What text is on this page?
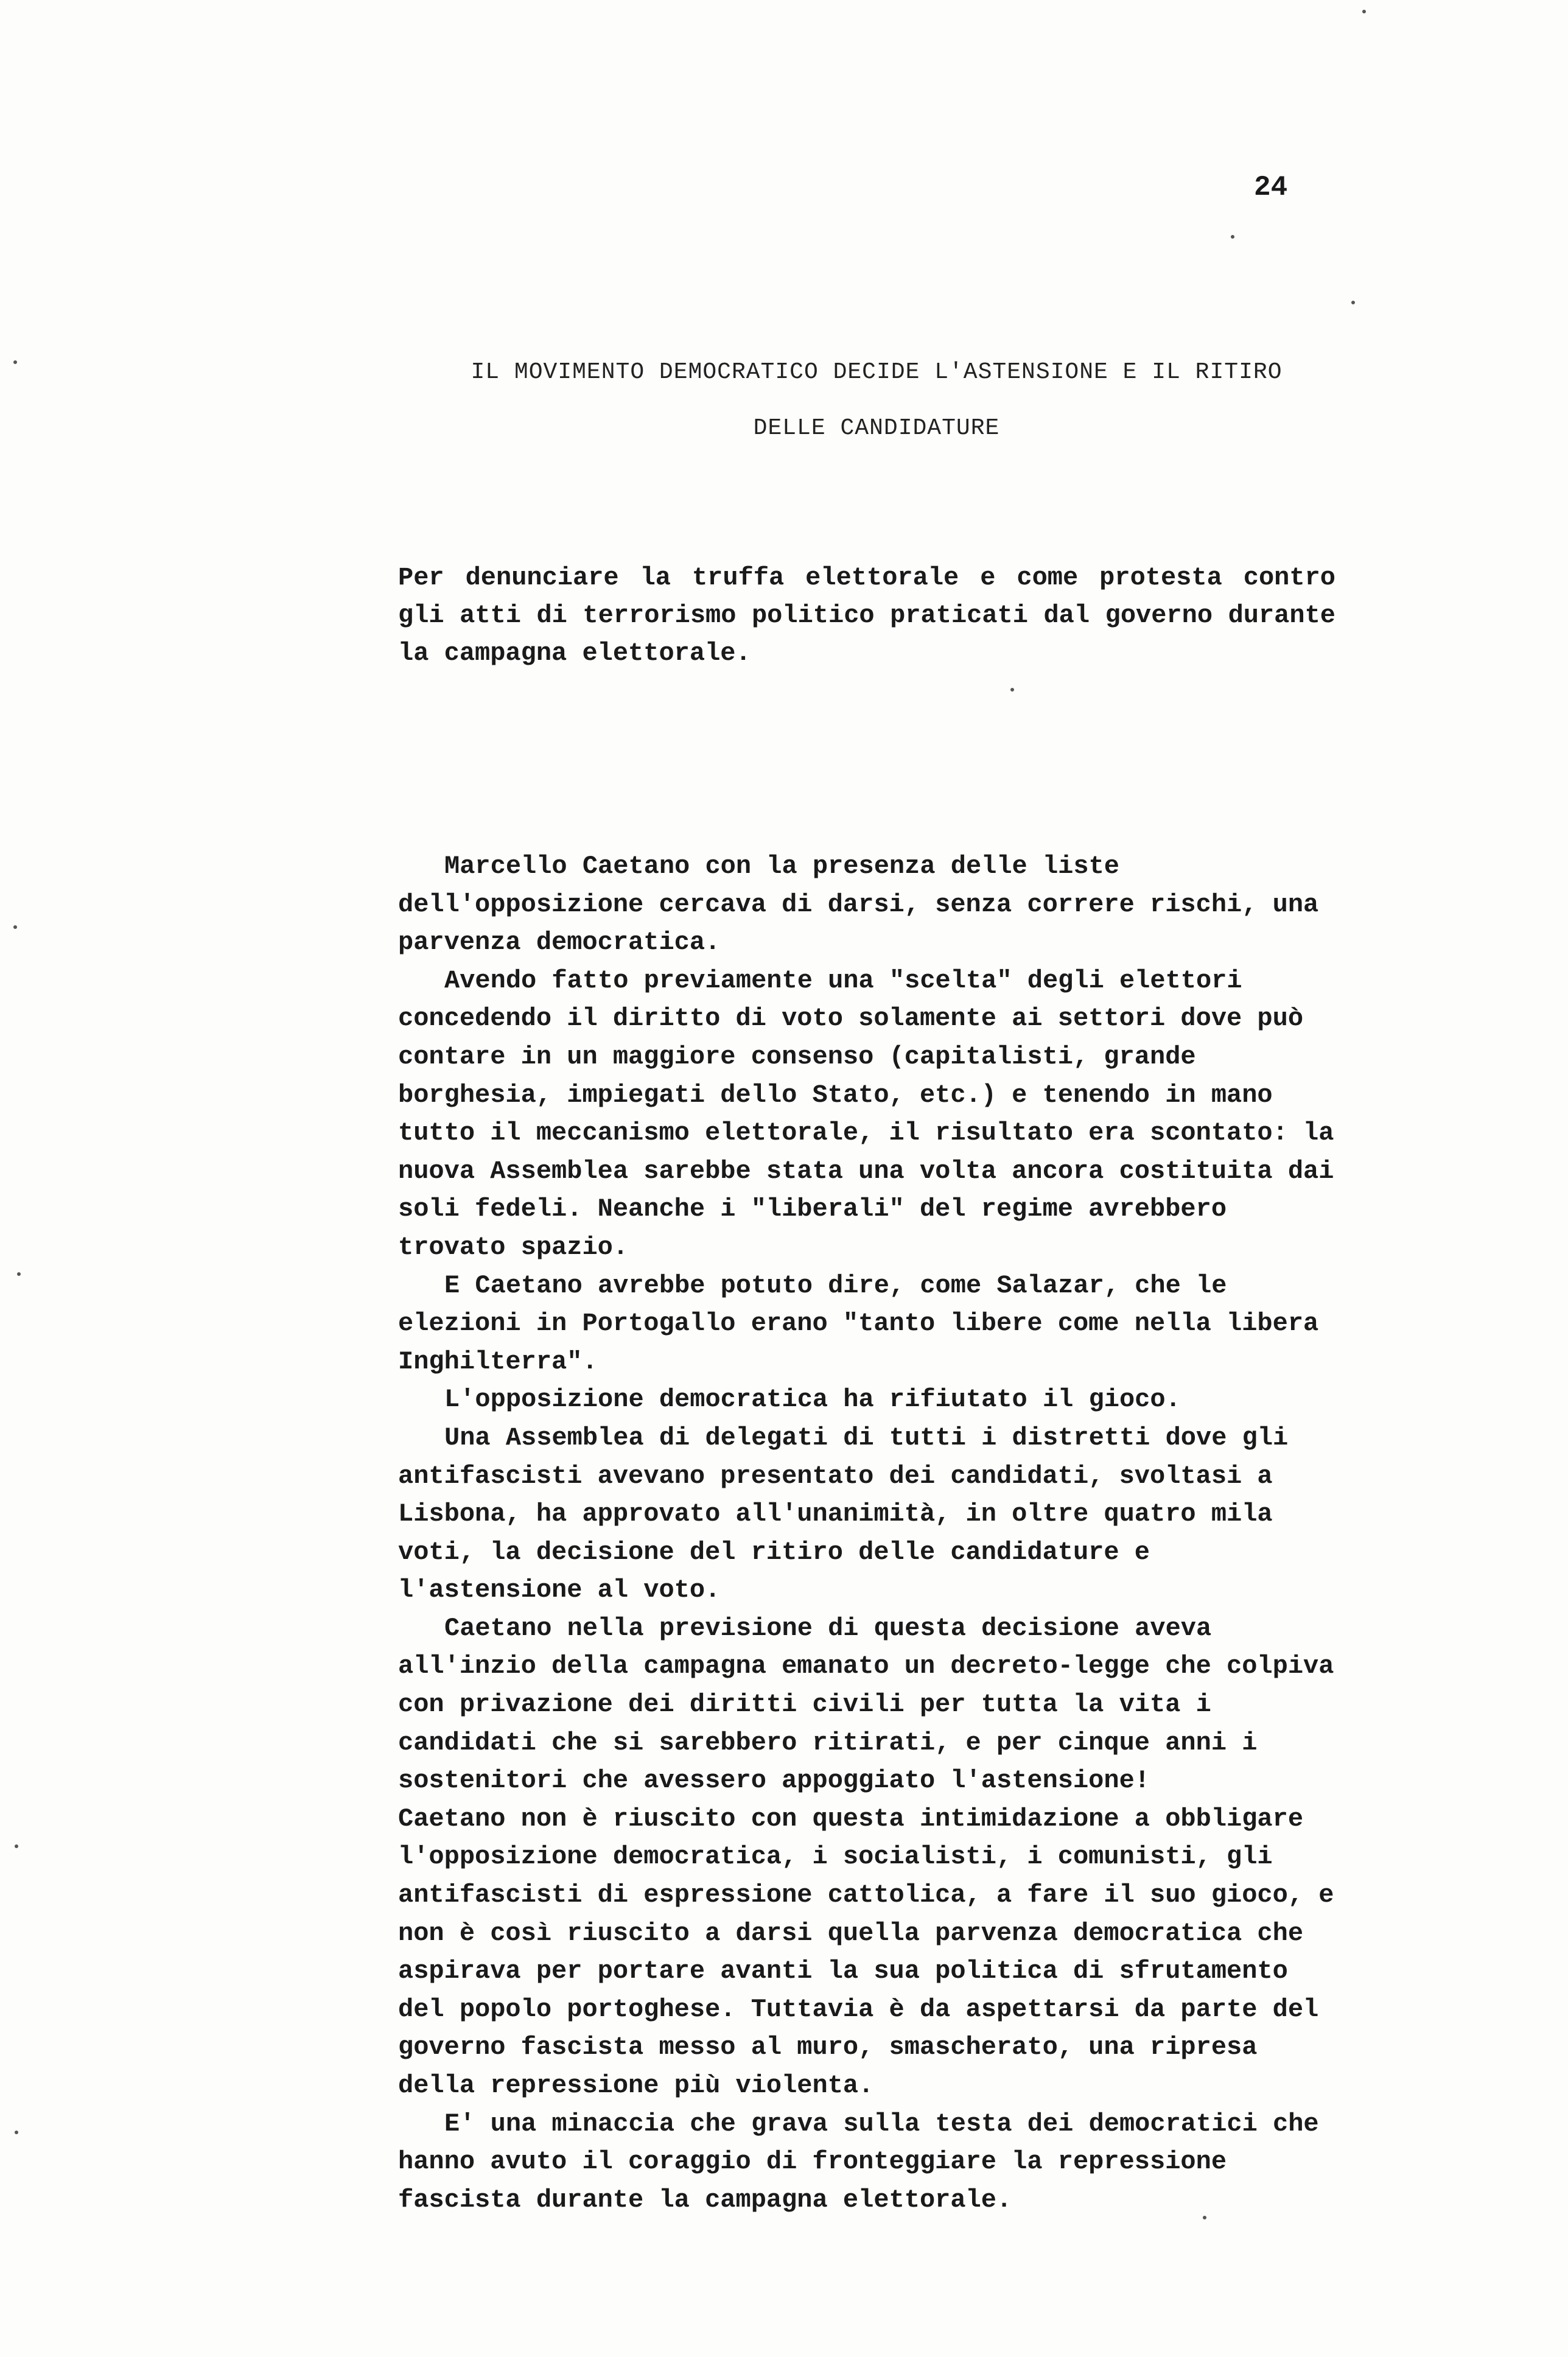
24
IL MOVIMENTO DEMOCRATICO DECIDE L'ASTENSIONE E IL RITIRO
DELLE CANDIDATURE
Per denunciare la truffa elettorale e come protesta contro gli atti di terrorismo politico praticati dal governo durante la campagna elettorale.

Marcello Caetano con la presenza delle liste dell'opposizione cercava di darsi, senza correre rischi, una parvenza democratica.

Avendo fatto previamente una "scelta" degli elettori concedendo il diritto di voto solamente ai settori dove può contare in un maggiore consenso (capitalisti, grande borghesia, impiegati dello Stato, etc.) e tenendo in mano tutto il meccanismo elettorale, il risultato era scontato: la nuova Assemblea sarebbe stata una volta ancora costituita dai soli fedeli. Neanche i "liberali" del regime avrebbero trovato spazio.

E Caetano avrebbe potuto dire, come Salazar, che le elezioni in Portogallo erano "tanto libere come nella libera Inghilterra".

L'opposizione democratica ha rifiutato il gioco.

Una Assemblea di delegati di tutti i distretti dove gli antifascisti avevano presentato dei candidati, svoltasi a Lisbona, ha approvato all'unanimità, in oltre quatro mila voti, la decisione del ritiro delle candidature e l'astensione al voto.

Caetano nella previsione di questa decisione aveva all'inzio della campagna emanato un decreto-legge che colpiva con privazione dei diritti civili per tutta la vita i candidati che si sarebbero ritirati, e per cinque anni i sostenitori che avessero appoggiato l'astensione!

Caetano non è riuscito con questa intimidazione a obbligare l'opposizione democratica, i socialisti, i comunisti, gli antifascisti di espressione cattolica, a fare il suo gioco, e non è così riuscito a darsi quella parvenza democratica che aspirava per portare avanti la sua politica di sfrutamento del popolo portoghese. Tuttavia è da aspettarsi da parte del governo fascista messo al muro, smascherato, una ripresa della repressione più violenta.

E' una minaccia che grava sulla testa dei democratici che hanno avuto il coraggio di fronteggiare la repressione fascista durante la campagna elettorale.
